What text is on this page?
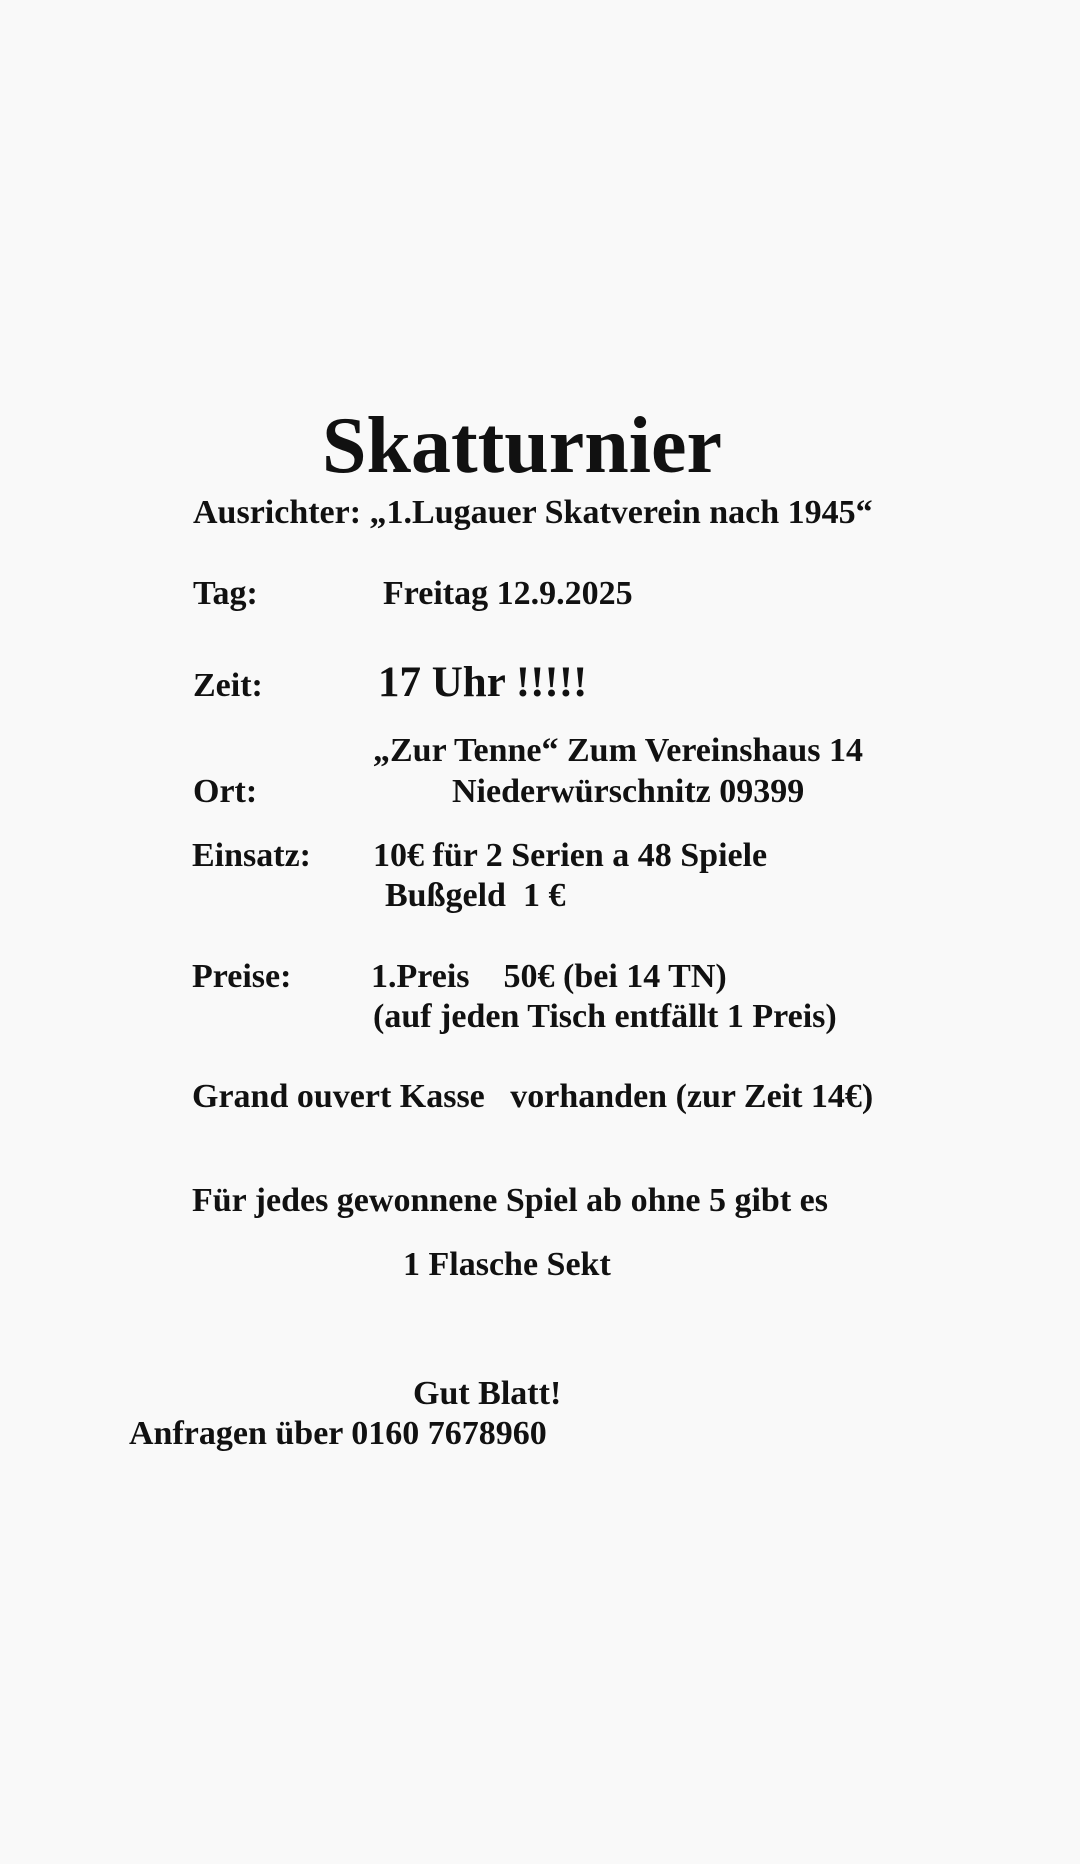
Skatturnier
Ausrichter: „1.Lugauer Skatverein nach 1945“
Tag:	Freitag 12.9.2025
Zeit:	17 Uhr !!!!!
„Zur Tenne“ Zum Vereinshaus 14
Ort:	Niederwürschnitz 09399
Einsatz: 10€ für 2 Serien a 48 Spiele
Bußgeld  1 €
Preise: 1.Preis    50€ (bei 14 TN)
(auf jeden Tisch entfällt 1 Preis)
Grand ouvert Kasse   vorhanden (zur Zeit 14€)
Für jedes gewonnene Spiel ab ohne 5 gibt es
1 Flasche Sekt
Gut Blatt!
Anfragen über 0160 7678960
